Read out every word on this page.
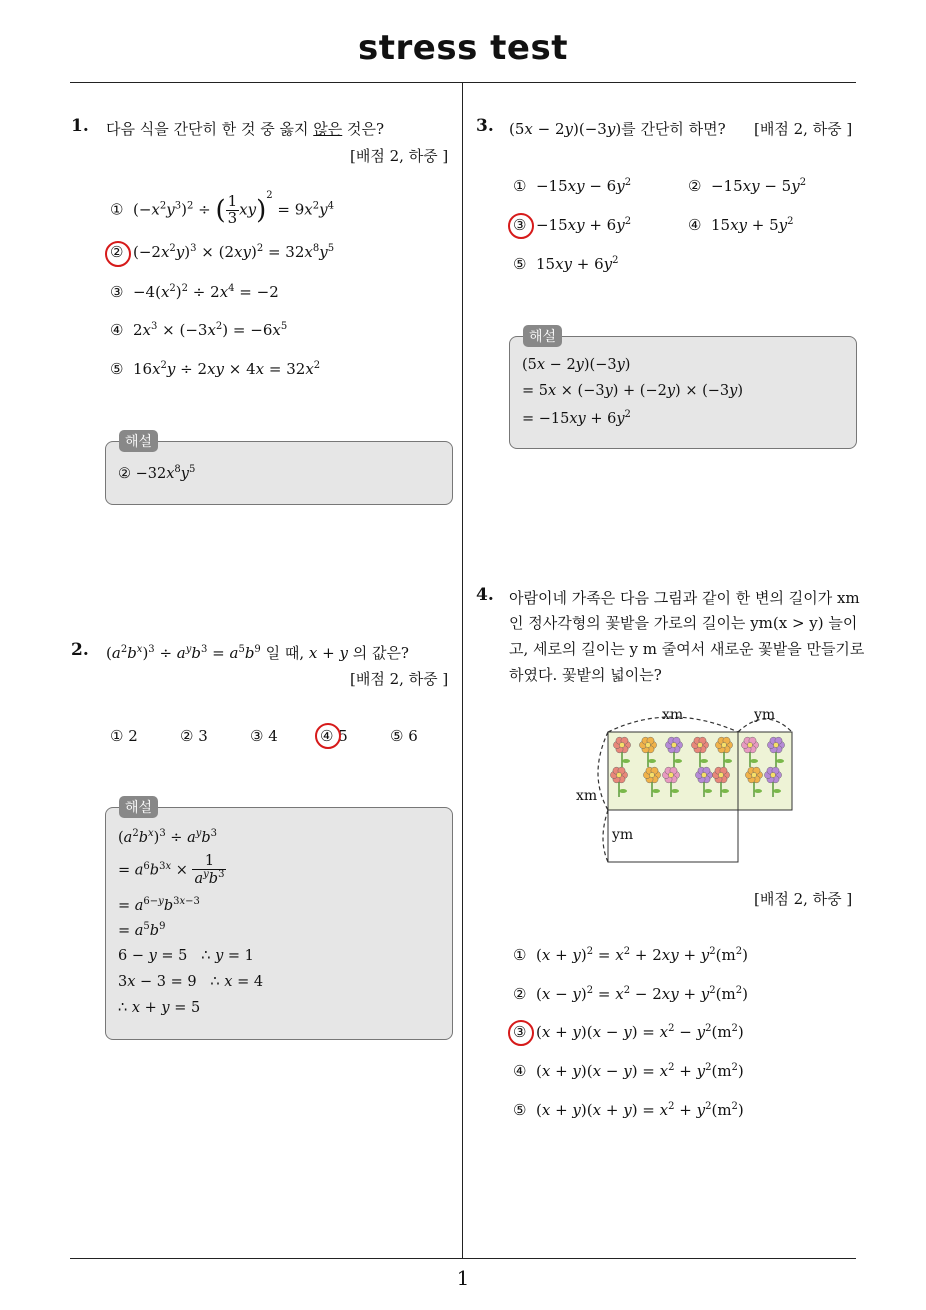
stress test
1
1. 다음 식을 간단히 한 것 중 옳지 않은 것은?
[배점 2, 하중 ]
①  $(-x^2y^3)^2$ ÷ ( $\frac{1}{3} xy)^2 = 9x^2y^4$
②  $(-2x^2y)^3 \times (2xy)^2 = 32x^8y^5$
③  $-4(x^2)^2 \div 2x^4 = -2$
④  $2x^3 \times (-3x^2) = -6x^5$
⑤  $16x^2y \div 2xy \times 4x = 32x^2$
② $-32x^8y^5$
해설
2. $(a^2b^x)^3 \div a^yb^3 = a^5b^9$ 일 때, x + y 의 값은?
[배점 2, 하중 ]
① 2	② 3	③ 4	④ 5	⑤ 6
$(a^2b^x)^3 \div a^yb^3$
= $a^6b^{3x} \times \frac{1}{a^yb^3}$
= $a^{6-y}b^{3x-3}$
= $a^5b^9$
6 − y = 5   ∴ y = 1
3x − 3 = 9   ∴ x = 4
∴ x + y = 5
해설
3. (5x − 2y)(−3y)를 간단히 하면? [배점 2, 하중 ]
①  $-15xy - 6y^2$	②  $-15xy - 5y^2$
③  $-15xy + 6y^2$	④  $15xy + 5y^2$
⑤  $15xy + 6y^2$
(5x − 2y)(−3y)
= 5x × (−3y) + (−2y) × (−3y)
= $-15xy + 6y^2$
해설
4. 아람이네 가족은 다음 그림과 같이 한 변의 길이가 xm
인 정사각형의 꽃밭을 가로의 길이는 ym(x > y) 늘이
고, 세로의 길이는 y m 줄여서 새로운 꽃밭을 만들기로
하였다. 꽃밭의 넓이는?
xm	ym
xm
ym
[배점 2, 하중 ]
①  $(x + y)^2 = x^2 + 2xy + y^2(m^2)$
②  $(x - y)^2 = x^2 - 2xy + y^2(m^2)$
③  $(x + y)(x - y) = x^2 - y^2(m^2)$
④  $(x + y)(x - y) = x^2 + y^2(m^2)$
⑤  $(x + y)(x + y) = x^2 + y^2(m^2)$
